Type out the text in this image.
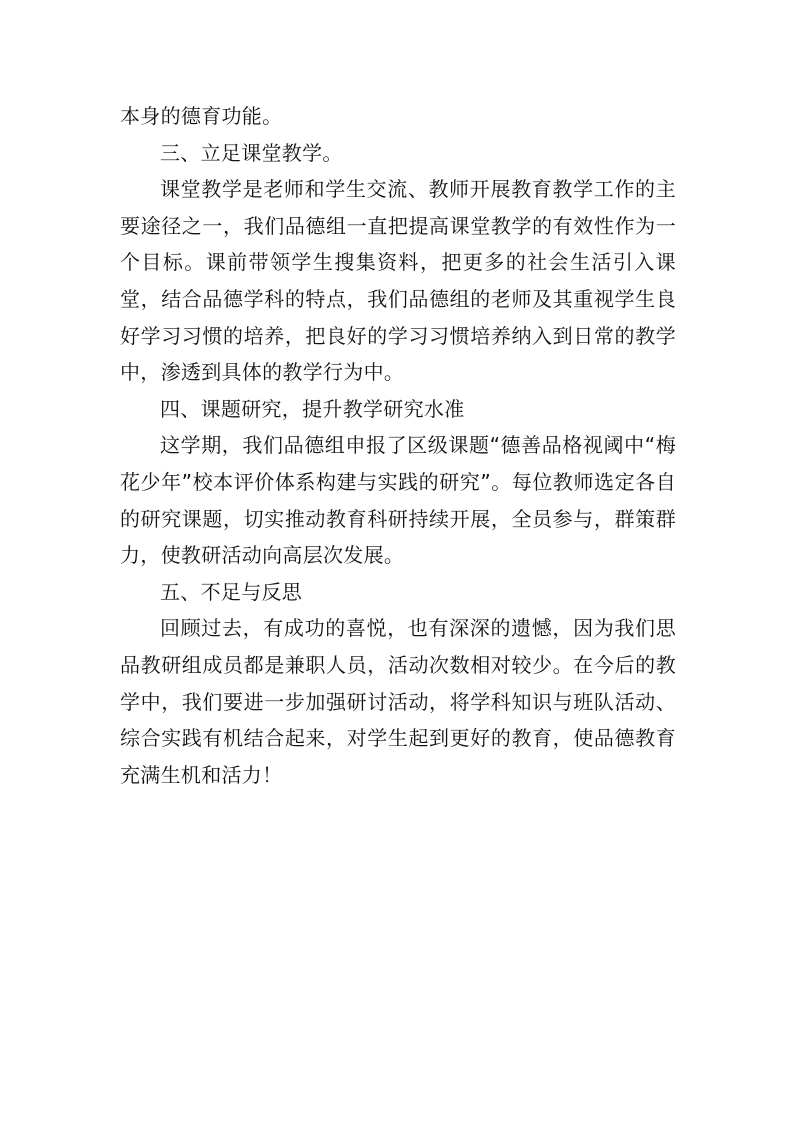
本身的德育功能。

三、立足课堂教学。

课堂教学是老师和学生交流、教师开展教育教学工作的主要途径之一，我们品德组一直把提高课堂教学的有效性作为一个目标。课前带领学生搜集资料，把更多的社会生活引入课堂，结合品德学科的特点，我们品德组的老师及其重视学生良好学习习惯的培养，把良好的学习习惯培养纳入到日常的教学中，渗透到具体的教学行为中。

四、课题研究，提升教学研究水准

这学期，我们品德组申报了区级课题“德善品格视阈中“梅花少年”校本评价体系构建与实践的研究”。每位教师选定各自的研究课题，切实推动教育科研持续开展，全员参与，群策群力，使教研活动向高层次发展。

五、不足与反思

回顾过去，有成功的喜悦，也有深深的遗憾，因为我们思品教研组成员都是兼职人员，活动次数相对较少。在今后的教学中，我们要进一步加强研讨活动，将学科知识与班队活动、综合实践有机结合起来，对学生起到更好的教育，使品德教育充满生机和活力！
